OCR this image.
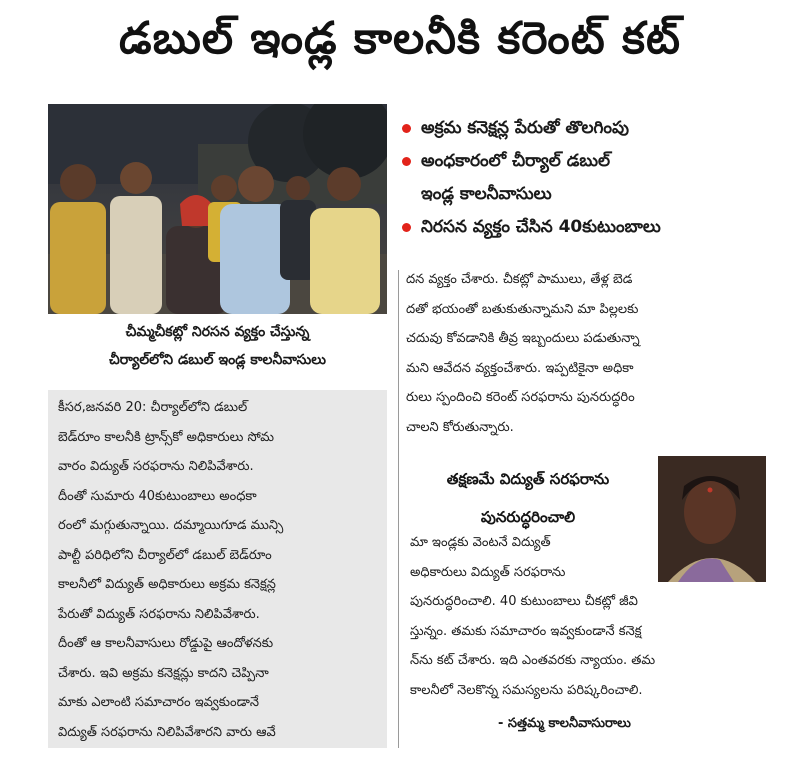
డబుల్ ఇండ్ల కాలనీకి కరెంట్ కట్
చీమ్మచీకట్లో నిరసన వ్యక్తం చేస్తున్న
చీర్యాల్‌లోని డబుల్ ఇండ్ల కాలనీవాసులు
అక్రమ కనెక్షన్ల పేరుతో తొలగింపు
అంధకారంలో చీర్యాల్ డబుల్
ఇండ్ల కాలనీవాసులు
నిరసన వ్యక్తం చేసిన 40కుటుంబాలు
కీసర,జనవరి 20: చీర్యాల్‌లోని డబుల్
బెడ్‌రూం కాలనీకి ట్రాన్స్‌కో అధికారులు సోమ
వారం విద్యుత్ సరఫరాను నిలిపివేశారు.
దీంతో సుమారు 40కుటుంబాలు అంధకా
రంలో మగ్గుతున్నాయి. దమ్మాయిగూడ మున్సి
పాల్టీ పరిధిలోని చీర్యాల్‌లో డబుల్ బెడ్‌రూం
కాలనీలో విద్యుత్ అధికారులు అక్రమ కనెక్షన్ల
పేరుతో విద్యుత్ సరఫరాను నిలిపివేశారు.
దీంతో ఆ కాలనీవాసులు రోడ్డుపై ఆందోళనకు
చేశారు. ఇవి అక్రమ కనెక్షన్లు కాదని చెప్పినా
మాకు ఎలాంటి సమాచారం ఇవ్వకుండానే
విద్యుత్ సరఫరాను నిలిపివేశారని వారు ఆవే
దన వ్యక్తం చేశారు. చీకట్లో పాములు, తేళ్ల బెడ
దతో భయంతో బతుకుతున్నామని మా పిల్లలకు
చదువు కోవడానికి తీవ్ర ఇబ్బందులు పడుతున్నా
మని ఆవేదన వ్యక్తంచేశారు. ఇప్పటికైనా అధికా
రులు స్పందించి కరెంట్ సరఫరాను పునరుద్ధరిం
చాలని కోరుతున్నారు.
తక్షణమే విద్యుత్ సరఫరాను
పునరుద్ధరించాలి
మా ఇండ్లకు వెంటనే విద్యుత్
అధికారులు విద్యుత్ సరఫరాను
పునరుద్ధరించాలి. 40 కుటుంబాలు చీకట్లో జీవి
స్తున్నం. తమకు సమాచారం ఇవ్వకుండానే కనెక్ష
న్‌ను కట్ చేశారు. ఇది ఎంతవరకు న్యాయం. తమ
కాలనీలో నెలకొన్న సమస్యలను పరిష్కరించాలి.
- సత్తమ్మ కాలనీవాసురాలు
